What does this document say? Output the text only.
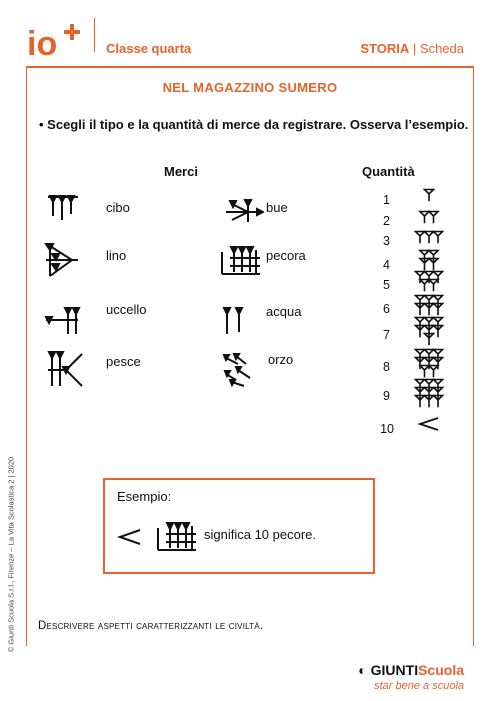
io	Classe quarta	STORIA | Scheda
NEL MAGAZZINO SUMERO
• Scegli il tipo e la quantità di merce da registrare. Osserva l’esempio.
Merci	Quantità
cibo
lino
uccello
pesce
bue
pecora
acqua
orzo
1
2
3
4
5
6
7
8
9
10
Esempio:
significa 10 pecore.
Descrivere aspetti caratterizzanti le civiltà.
© Giunti Scuola S.r.l., Firenze – La Vita Scolastica 2 | 2020
◐ GIUNTIScuola
star bene a scuola
